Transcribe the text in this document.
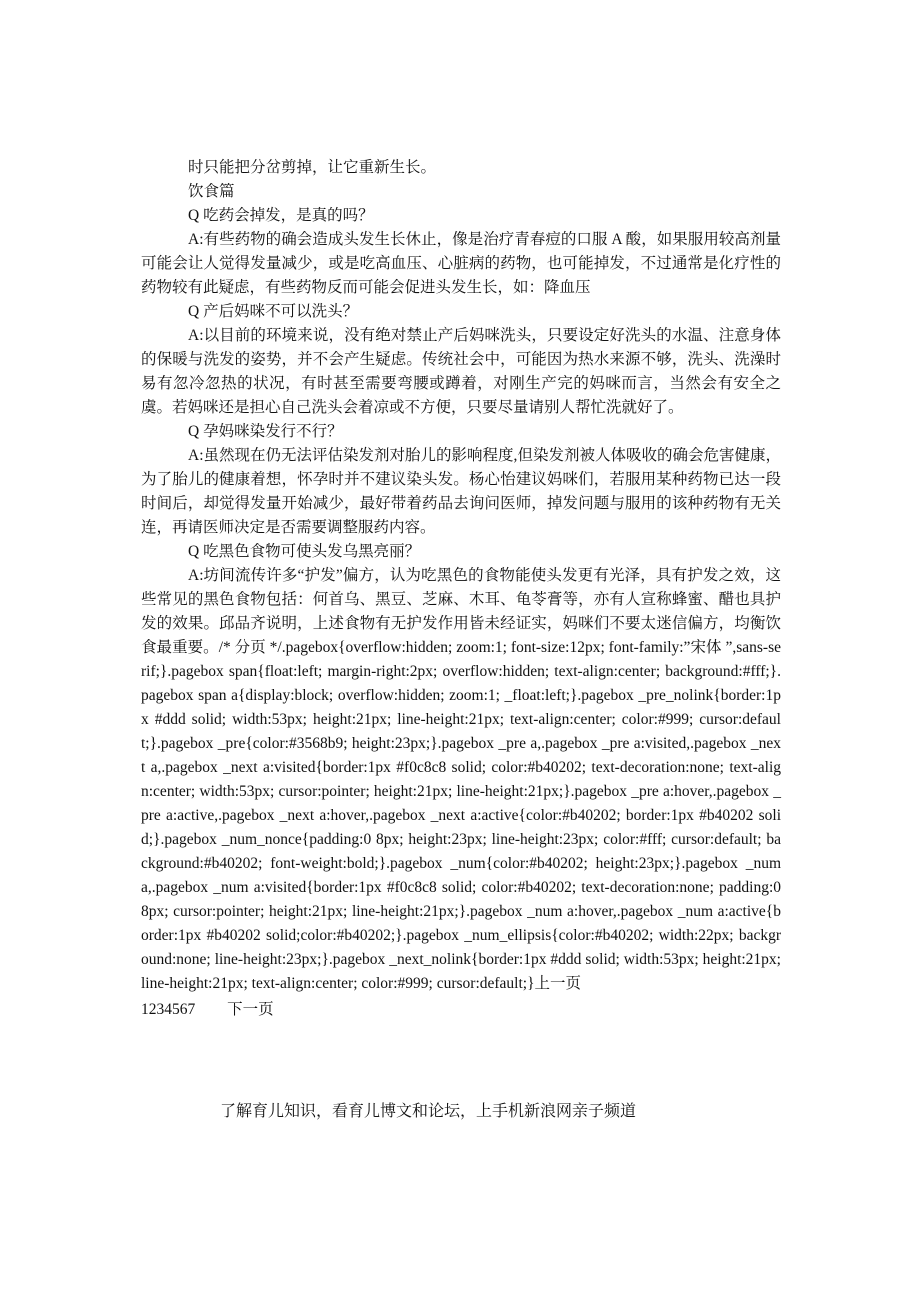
时只能把分岔剪掉，让它重新生长。

饮食篇

Q 吃药会掉发，是真的吗？

A:有些药物的确会造成头发生长休止，像是治疗青春痘的口服 A 酸，如果服用较高剂量可能会让人觉得发量减少，或是吃高血压、心脏病的药物，也可能掉发，不过通常是化疗性的药物较有此疑虑，有些药物反而可能会促进头发生长，如：降血压

Q 产后妈咪不可以洗头？

A:以目前的环境来说，没有绝对禁止产后妈咪洗头，只要设定好洗头的水温、注意身体的保暖与洗发的姿势，并不会产生疑虑。传统社会中，可能因为热水来源不够，洗头、洗澡时易有忽冷忽热的状况，有时甚至需要弯腰或蹲着，对刚生产完的妈咪而言，当然会有安全之虞。若妈咪还是担心自己洗头会着凉或不方便，只要尽量请别人帮忙洗就好了。

Q 孕妈咪染发行不行？

A:虽然现在仍无法评估染发剂对胎儿的影响程度,但染发剂被人体吸收的确会危害健康，为了胎儿的健康着想，怀孕时并不建议染头发。杨心怡建议妈咪们，若服用某种药物已达一段时间后，却觉得发量开始减少，最好带着药品去询问医师，掉发问题与服用的该种药物有无关连，再请医师决定是否需要调整服药内容。

Q 吃黑色食物可使头发乌黑亮丽？

A:坊间流传许多“护发”偏方，认为吃黑色的食物能使头发更有光泽，具有护发之效，这些常见的黑色食物包括：何首乌、黑豆、芝麻、木耳、龟苓膏等，亦有人宣称蜂蜜、醋也具护发的效果。邱品齐说明，上述食物有无护发作用皆未经证实，妈咪们不要太迷信偏方，均衡饮食最重要。/* 分页 */.pagebox{overflow:hidden; zoom:1; font-size:12px; font-family:”宋体 ”,sans-serif;}.pagebox span{float:left; margin-right:2px; overflow:hidden; text-align:center; background:#fff;}.pagebox span a{display:block; overflow:hidden; zoom:1; _float:left;}.pagebox _pre_nolink{border:1px #ddd solid; width:53px; height:21px; line-height:21px; text-align:center; color:#999; cursor:default;}.pagebox _pre{color:#3568b9; height:23px;}.pagebox _pre a,.pagebox _pre a:visited,.pagebox _next a,.pagebox _next a:visited{border:1px #f0c8c8 solid; color:#b40202; text-decoration:none; text-align:center; width:53px; cursor:pointer; height:21px; line-height:21px;}.pagebox _pre a:hover,.pagebox _pre a:active,.pagebox _next a:hover,.pagebox _next a:active{color:#b40202; border:1px #b40202 solid;}.pagebox _num_nonce{padding:0 8px; height:23px; line-height:23px; color:#fff; cursor:default; background:#b40202; font-weight:bold;}.pagebox _num{color:#b40202; height:23px;}.pagebox _num a,.pagebox _num a:visited{border:1px #f0c8c8 solid; color:#b40202; text-decoration:none; padding:0 8px; cursor:pointer; height:21px; line-height:21px;}.pagebox _num a:hover,.pagebox _num a:active{border:1px #b40202 solid;color:#b40202;}.pagebox _num_ellipsis{color:#b40202; width:22px; background:none; line-height:23px;}.pagebox _next_nolink{border:1px #ddd solid; width:53px; height:21px; line-height:21px; text-align:center; color:#999; cursor:default;}上一页

1234567 下一页
了解育儿知识，看育儿博文和论坛，上手机新浪网亲子频道
